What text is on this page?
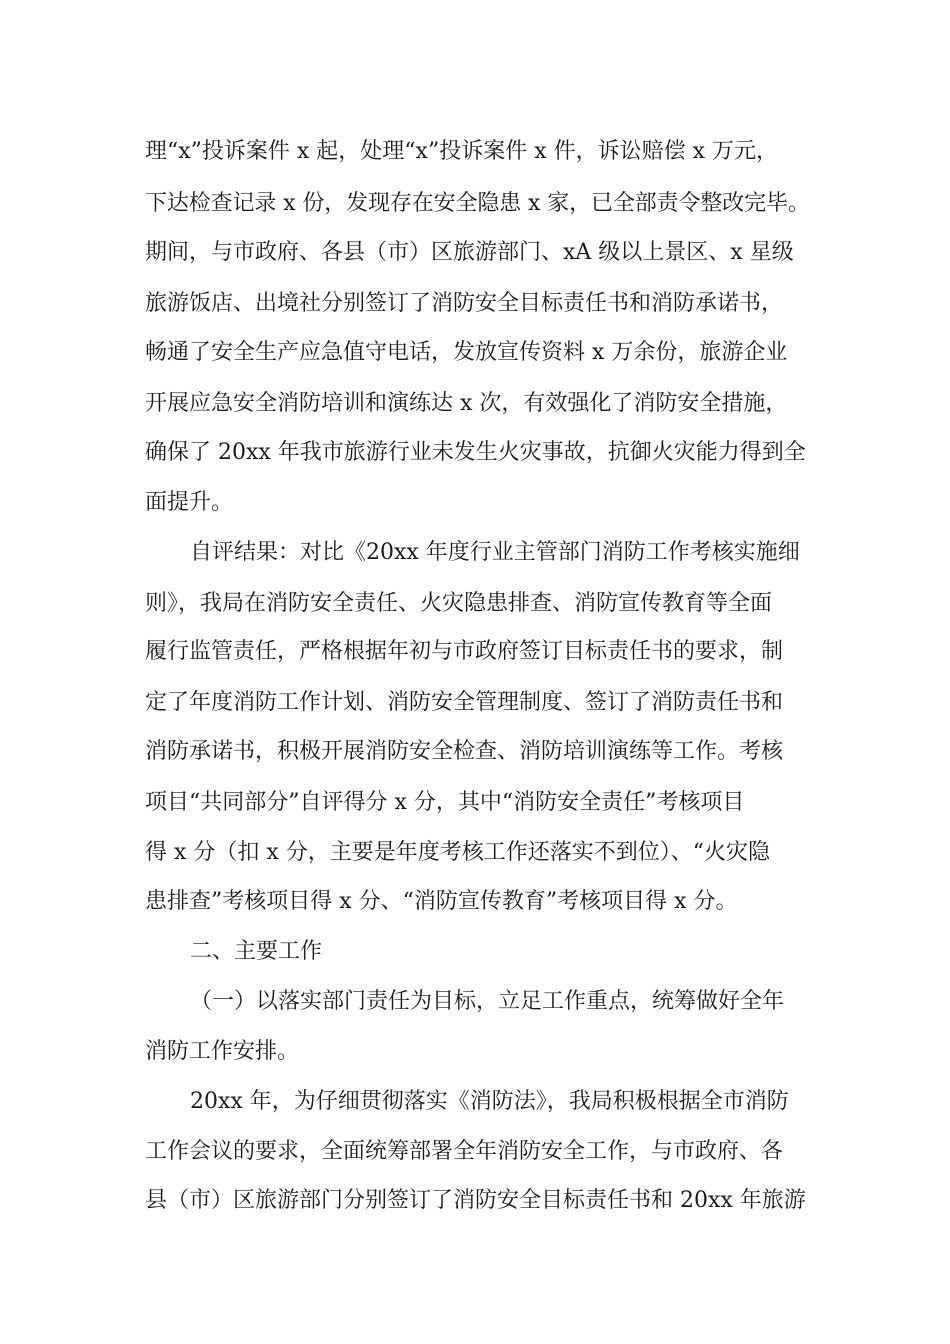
理“x”投诉案件 x 起，处理“x”投诉案件 x 件，诉讼赔偿 x 万元，
下达检查记录 x 份，发现存在安全隐患 x 家，已全部责令整改完毕。
期间，与市政府、各县（市）区旅游部门、xA 级以上景区、x 星级
旅游饭店、出境社分别签订了消防安全目标责任书和消防承诺书，
畅通了安全生产应急值守电话，发放宣传资料 x 万余份，旅游企业
开展应急安全消防培训和演练达 x 次，有效强化了消防安全措施，
确保了 20xx 年我市旅游行业未发生火灾事故，抗御火灾能力得到全
面提升。
自评结果：对比《20xx 年度行业主管部门消防工作考核实施细
则》，我局在消防安全责任、火灾隐患排查、消防宣传教育等全面
履行监管责任，严格根据年初与市政府签订目标责任书的要求，制
定了年度消防工作计划、消防安全管理制度、签订了消防责任书和
消防承诺书，积极开展消防安全检查、消防培训演练等工作。考核
项目“共同部分”自评得分 x 分，其中“消防安全责任”考核项目
得 x 分（扣 x 分，主要是年度考核工作还落实不到位）、“火灾隐
患排查”考核项目得 x 分、“消防宣传教育”考核项目得 x 分。
二、主要工作
（一）以落实部门责任为目标，立足工作重点，统筹做好全年
消防工作安排。
20xx 年，为仔细贯彻落实《消防法》，我局积极根据全市消防
工作会议的要求，全面统筹部署全年消防安全工作，与市政府、各
县（市）区旅游部门分别签订了消防安全目标责任书和 20xx 年旅游
